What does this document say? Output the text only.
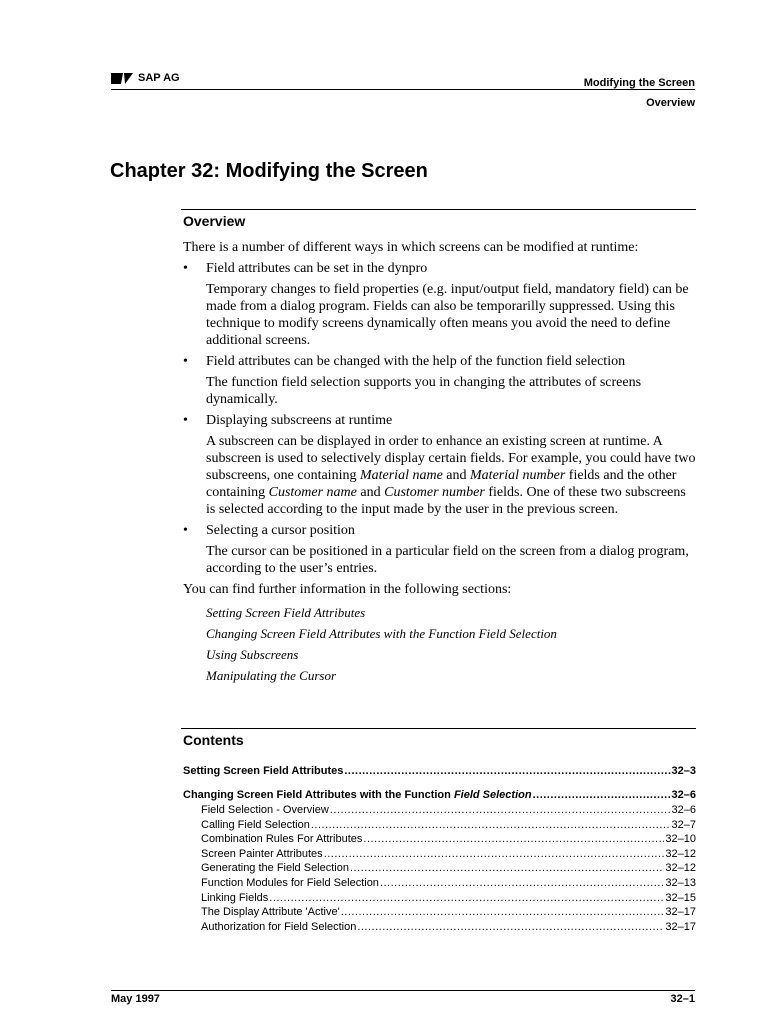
SAP AG	Modifying the Screen
Overview
Chapter 32: Modifying the Screen
Overview

There is a number of different ways in which screens can be modified at runtime:

•	Field attributes can be set in the dynpro

Temporary changes to field properties (e.g. input/output field, mandatory field) can be made from a dialog program. Fields can also be temporarilly suppressed. Using this technique to modify screens dynamically often means you avoid the need to define additional screens.

•	Field attributes can be changed with the help of the function field selection

The function field selection supports you in changing the attributes of screens dynamically.

•	Displaying subscreens at runtime

A subscreen can be displayed in order to enhance an existing screen at runtime. A subscreen is used to selectively display certain fields. For example, you could have two subscreens, one containing Material name and Material number fields and the other containing Customer name and Customer number fields. One of these two subscreens is selected according to the input made by the user in the previous screen.

•	Selecting a cursor position

The cursor can be positioned in a particular field on the screen from a dialog program, according to the user’s entries.

You can find further information in the following sections:

Setting Screen Field Attributes
Changing Screen Field Attributes with the Function Field Selection
Using Subscreens
Manipulating the Cursor
Contents
Setting Screen Field Attributes .....	32–3
Changing Screen Field Attributes with the Function Field Selection .....	32–6
Field Selection - Overview .....	32–6
Calling Field Selection .....	32–7
Combination Rules For Attributes .....	32–10
Screen Painter Attributes .....	32–12
Generating the Field Selection .....	32–12
Function Modules for Field Selection .....	32–13
Linking Fields .....	32–15
The Display Attribute 'Active' .....	32–17
Authorization for Field Selection .....	32–17
May 1997	32–1
